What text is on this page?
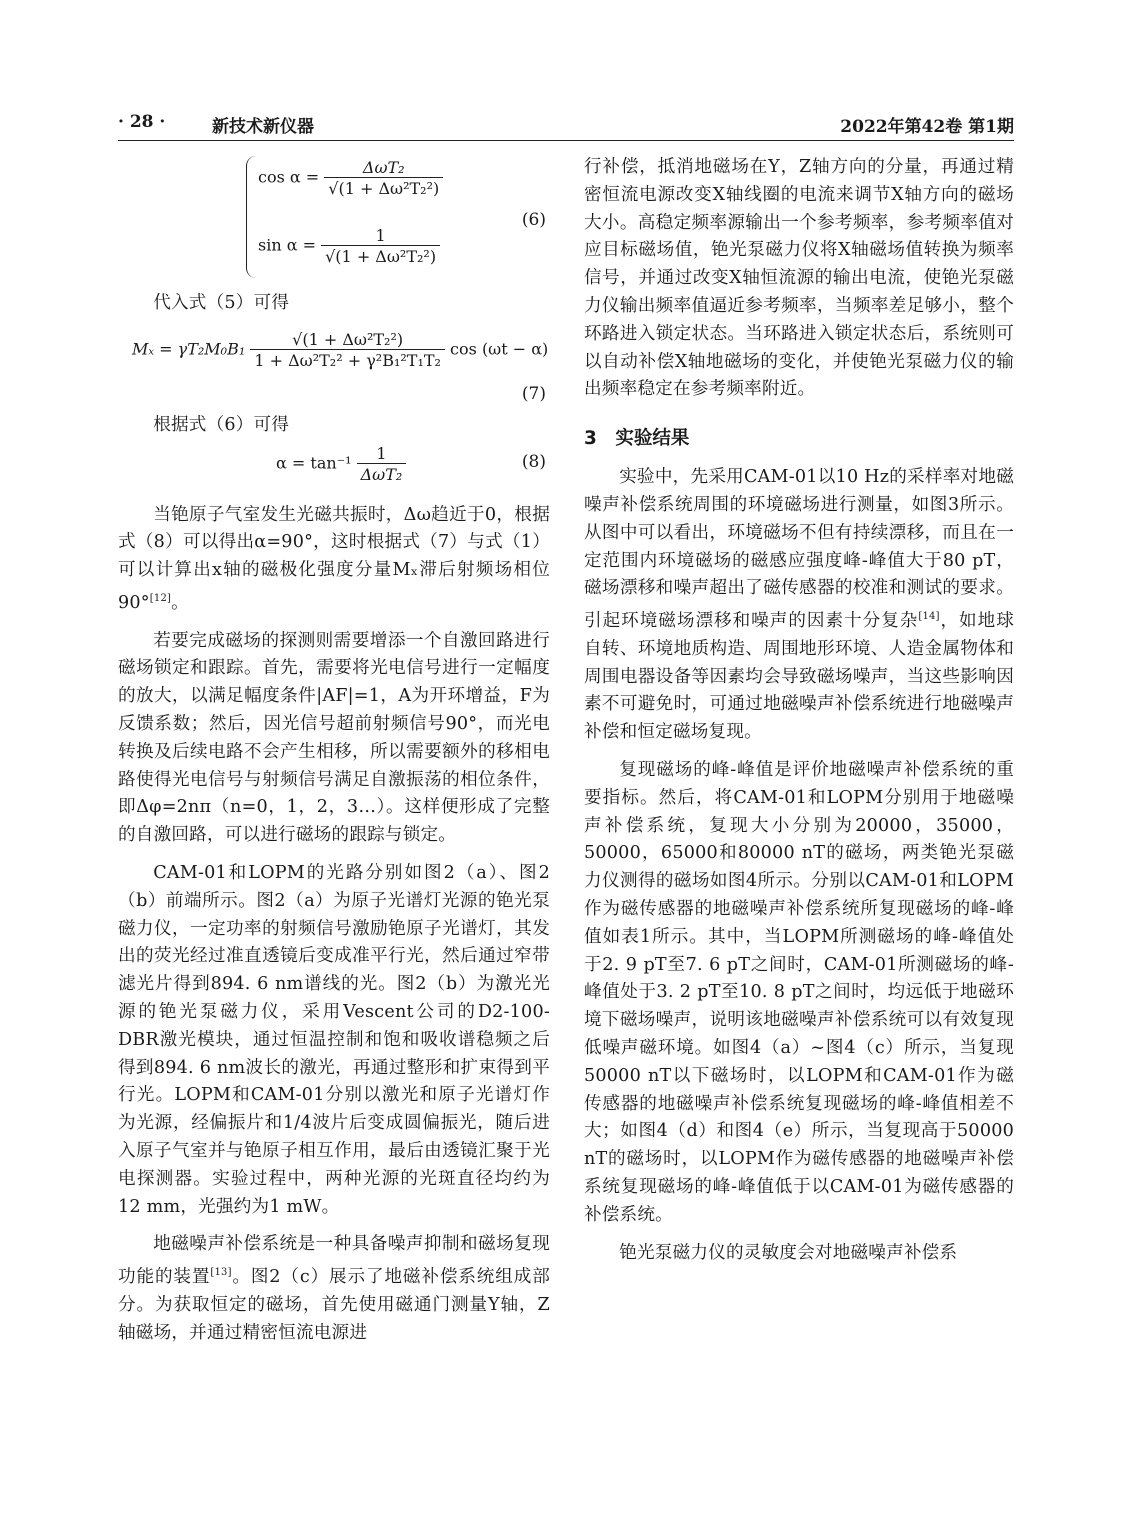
· 28 ·	新技术新仪器	2022年第42卷 第1期
$\cos \alpha = \frac{\text{ΔωT₂}}{\text{√(1 + Δω²T₂²)}}$
$\sin \alpha = \frac{1}{\text{√(1 + Δω²T₂²)}}$
(6)

代入式（5）可得

$M_x = \gamma T_2M_0B_1 \frac{\text{√(1 + Δω²T₂²)}}{\text{1 + Δω²T₂² + γ²B₁²T₁T₂}}$ cos (ωt − α)
(7)

根据式（6）可得

$\alpha = \tan^{-1} \frac{1}{\text{ΔωT₂}}$	(8)

当铯原子气室发生光磁共振时，Δω趋近于0，根据式（8）可以得出α=90°，这时根据式（7）与式（1）可以计算出x轴的磁极化强度分量Mₓ滞后射频场相位90°[12]。

若要完成磁场的探测则需要增添一个自激回路进行磁场锁定和跟踪。首先，需要将光电信号进行一定幅度的放大，以满足幅度条件|AF|=1，A为开环增益，F为反馈系数；然后，因光信号超前射频信号90°，而光电转换及后续电路不会产生相移，所以需要额外的移相电路使得光电信号与射频信号满足自激振荡的相位条件，即Δφ=2nπ（n=0，1，2，3…）。这样便形成了完整的自激回路，可以进行磁场的跟踪与锁定。

CAM-01和LOPM的光路分别如图2（a）、图2（b）前端所示。图2（a）为原子光谱灯光源的铯光泵磁力仪，一定功率的射频信号激励铯原子光谱灯，其发出的荧光经过准直透镜后变成准平行光，然后通过窄带滤光片得到894. 6 nm谱线的光。图2（b）为激光光源的铯光泵磁力仪，采用Vescent公司的D2-100-DBR激光模块，通过恒温控制和饱和吸收谱稳频之后得到894. 6 nm波长的激光，再通过整形和扩束得到平行光。LOPM和CAM-01分别以激光和原子光谱灯作为光源，经偏振片和1/4波片后变成圆偏振光，随后进入原子气室并与铯原子相互作用，最后由透镜汇聚于光电探测器。实验过程中，两种光源的光斑直径均约为12 mm，光强约为1 mW。

地磁噪声补偿系统是一种具备噪声抑制和磁场复现功能的装置[13]。图2（c）展示了地磁补偿系统组成部分。为获取恒定的磁场，首先使用磁通门测量Y轴，Z轴磁场，并通过精密恒流电源进

行补偿，抵消地磁场在Y，Z轴方向的分量，再通过精密恒流电源改变X轴线圈的电流来调节X轴方向的磁场大小。高稳定频率源输出一个参考频率，参考频率值对应目标磁场值，铯光泵磁力仪将X轴磁场值转换为频率信号，并通过改变X轴恒流源的输出电流，使铯光泵磁力仪输出频率值逼近参考频率，当频率差足够小，整个环路进入锁定状态。当环路进入锁定状态后，系统则可以自动补偿X轴地磁场的变化，并使铯光泵磁力仪的输出频率稳定在参考频率附近。

3　实验结果

实验中，先采用CAM-01以10 Hz的采样率对地磁噪声补偿系统周围的环境磁场进行测量，如图3所示。从图中可以看出，环境磁场不但有持续漂移，而且在一定范围内环境磁场的磁感应强度峰-峰值大于80 pT，磁场漂移和噪声超出了磁传感器的校准和测试的要求。引起环境磁场漂移和噪声的因素十分复杂[14]，如地球自转、环境地质构造、周围地形环境、人造金属物体和周围电器设备等因素均会导致磁场噪声，当这些影响因素不可避免时，可通过地磁噪声补偿系统进行地磁噪声补偿和恒定磁场复现。

复现磁场的峰-峰值是评价地磁噪声补偿系统的重要指标。然后，将CAM-01和LOPM分别用于地磁噪声补偿系统，复现大小分别为20000，35000，50000，65000和80000 nT的磁场，两类铯光泵磁力仪测得的磁场如图4所示。分别以CAM-01和LOPM作为磁传感器的地磁噪声补偿系统所复现磁场的峰-峰值如表1所示。其中，当LOPM所测磁场的峰-峰值处于2. 9 pT至7. 6 pT之间时，CAM-01所测磁场的峰-峰值处于3. 2 pT至10. 8 pT之间时，均远低于地磁环境下磁场噪声，说明该地磁噪声补偿系统可以有效复现低噪声磁环境。如图4（a）~图4（c）所示，当复现50000 nT以下磁场时，以LOPM和CAM-01作为磁传感器的地磁噪声补偿系统复现磁场的峰-峰值相差不大；如图4（d）和图4（e）所示，当复现高于50000 nT的磁场时，以LOPM作为磁传感器的地磁噪声补偿系统复现磁场的峰-峰值低于以CAM-01为磁传感器的补偿系统。

铯光泵磁力仪的灵敏度会对地磁噪声补偿系
